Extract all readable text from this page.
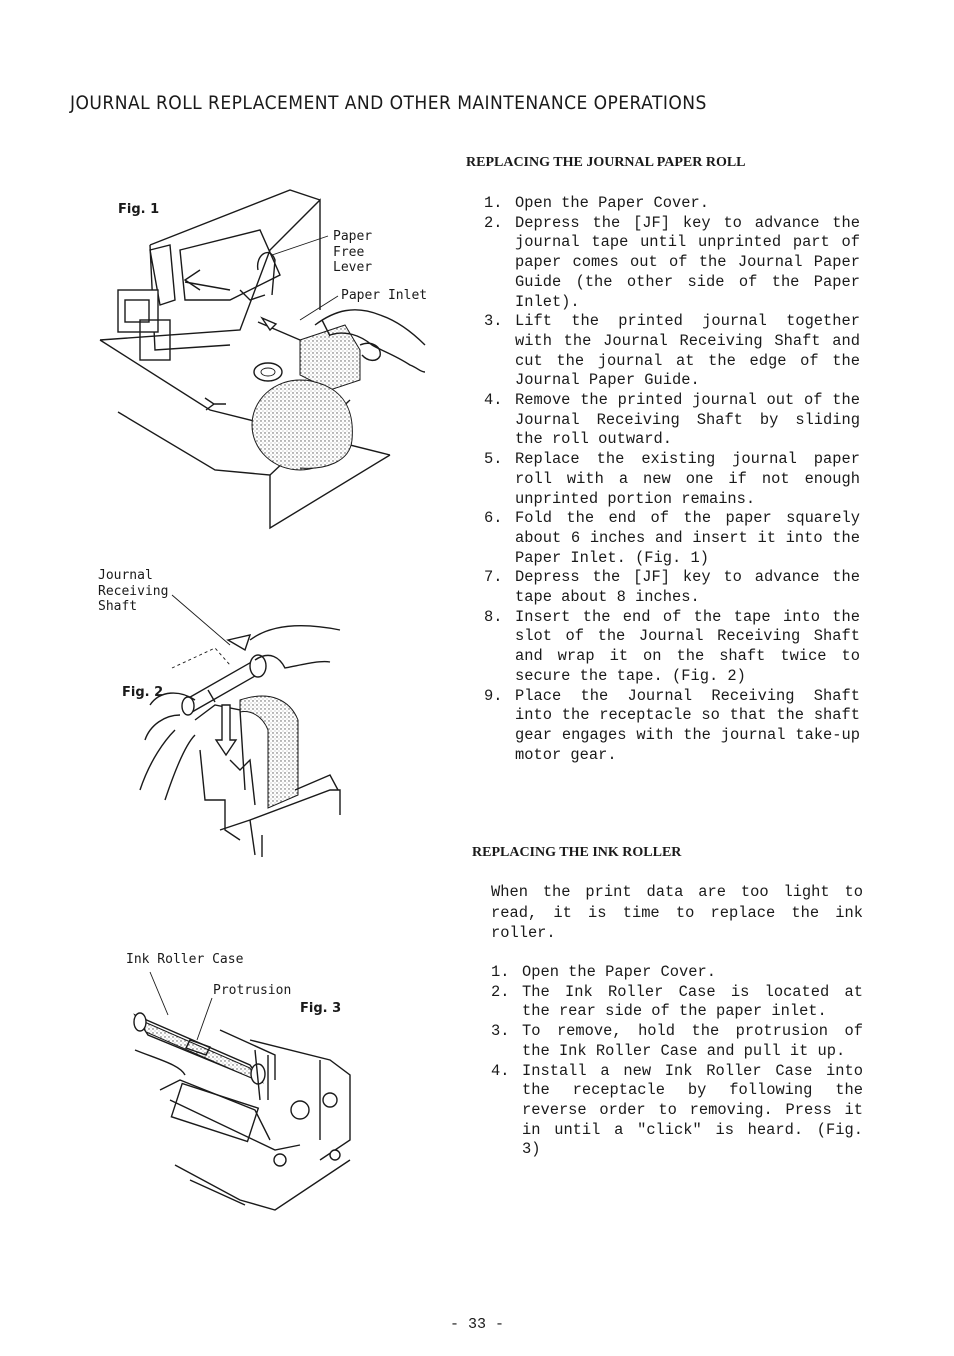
JOURNAL ROLL REPLACEMENT AND OTHER MAINTENANCE OPERATIONS
REPLACING THE JOURNAL PAPER ROLL
1. Open the Paper Cover.
2. Depress the [JF] key to advance the journal tape until unprinted part of paper comes out of the Journal Paper Guide (the other side of the Paper Inlet).
3. Lift the printed journal together with the Journal Receiving Shaft and cut the journal at the edge of the Journal Paper Guide.
4. Remove the printed journal out of the Journal Receiving Shaft by sliding the roll outward.
5. Replace the existing journal paper roll with a new one if not enough unprinted portion remains.
6. Fold the end of the paper squarely about 6 inches and insert it into the Paper Inlet. (Fig. 1)
7. Depress the [JF] key to advance the tape about 8 inches.
8. Insert the end of the tape into the slot of the Journal Receiving Shaft and wrap it on the shaft twice to secure the tape. (Fig. 2)
9. Place the Journal Receiving Shaft into the receptacle so that the shaft gear engages with the journal take-up motor gear.
REPLACING THE INK ROLLER
When the print data are too light to read, it is time to replace the ink roller.
1. Open the Paper Cover.
2. The Ink Roller Case is located at the rear side of the paper inlet.
3. To remove, hold the protrusion of the Ink Roller Case and pull it up.
4. Install a new Ink Roller Case into the receptacle by following the reverse order to removing. Press it in until a "click" is heard. (Fig. 3)
Fig. 1
Paper
Free
Lever
Paper Inlet
Journal
Receiving
Shaft
Fig. 2
Ink Roller Case
Protrusion
Fig. 3
- 33 -
